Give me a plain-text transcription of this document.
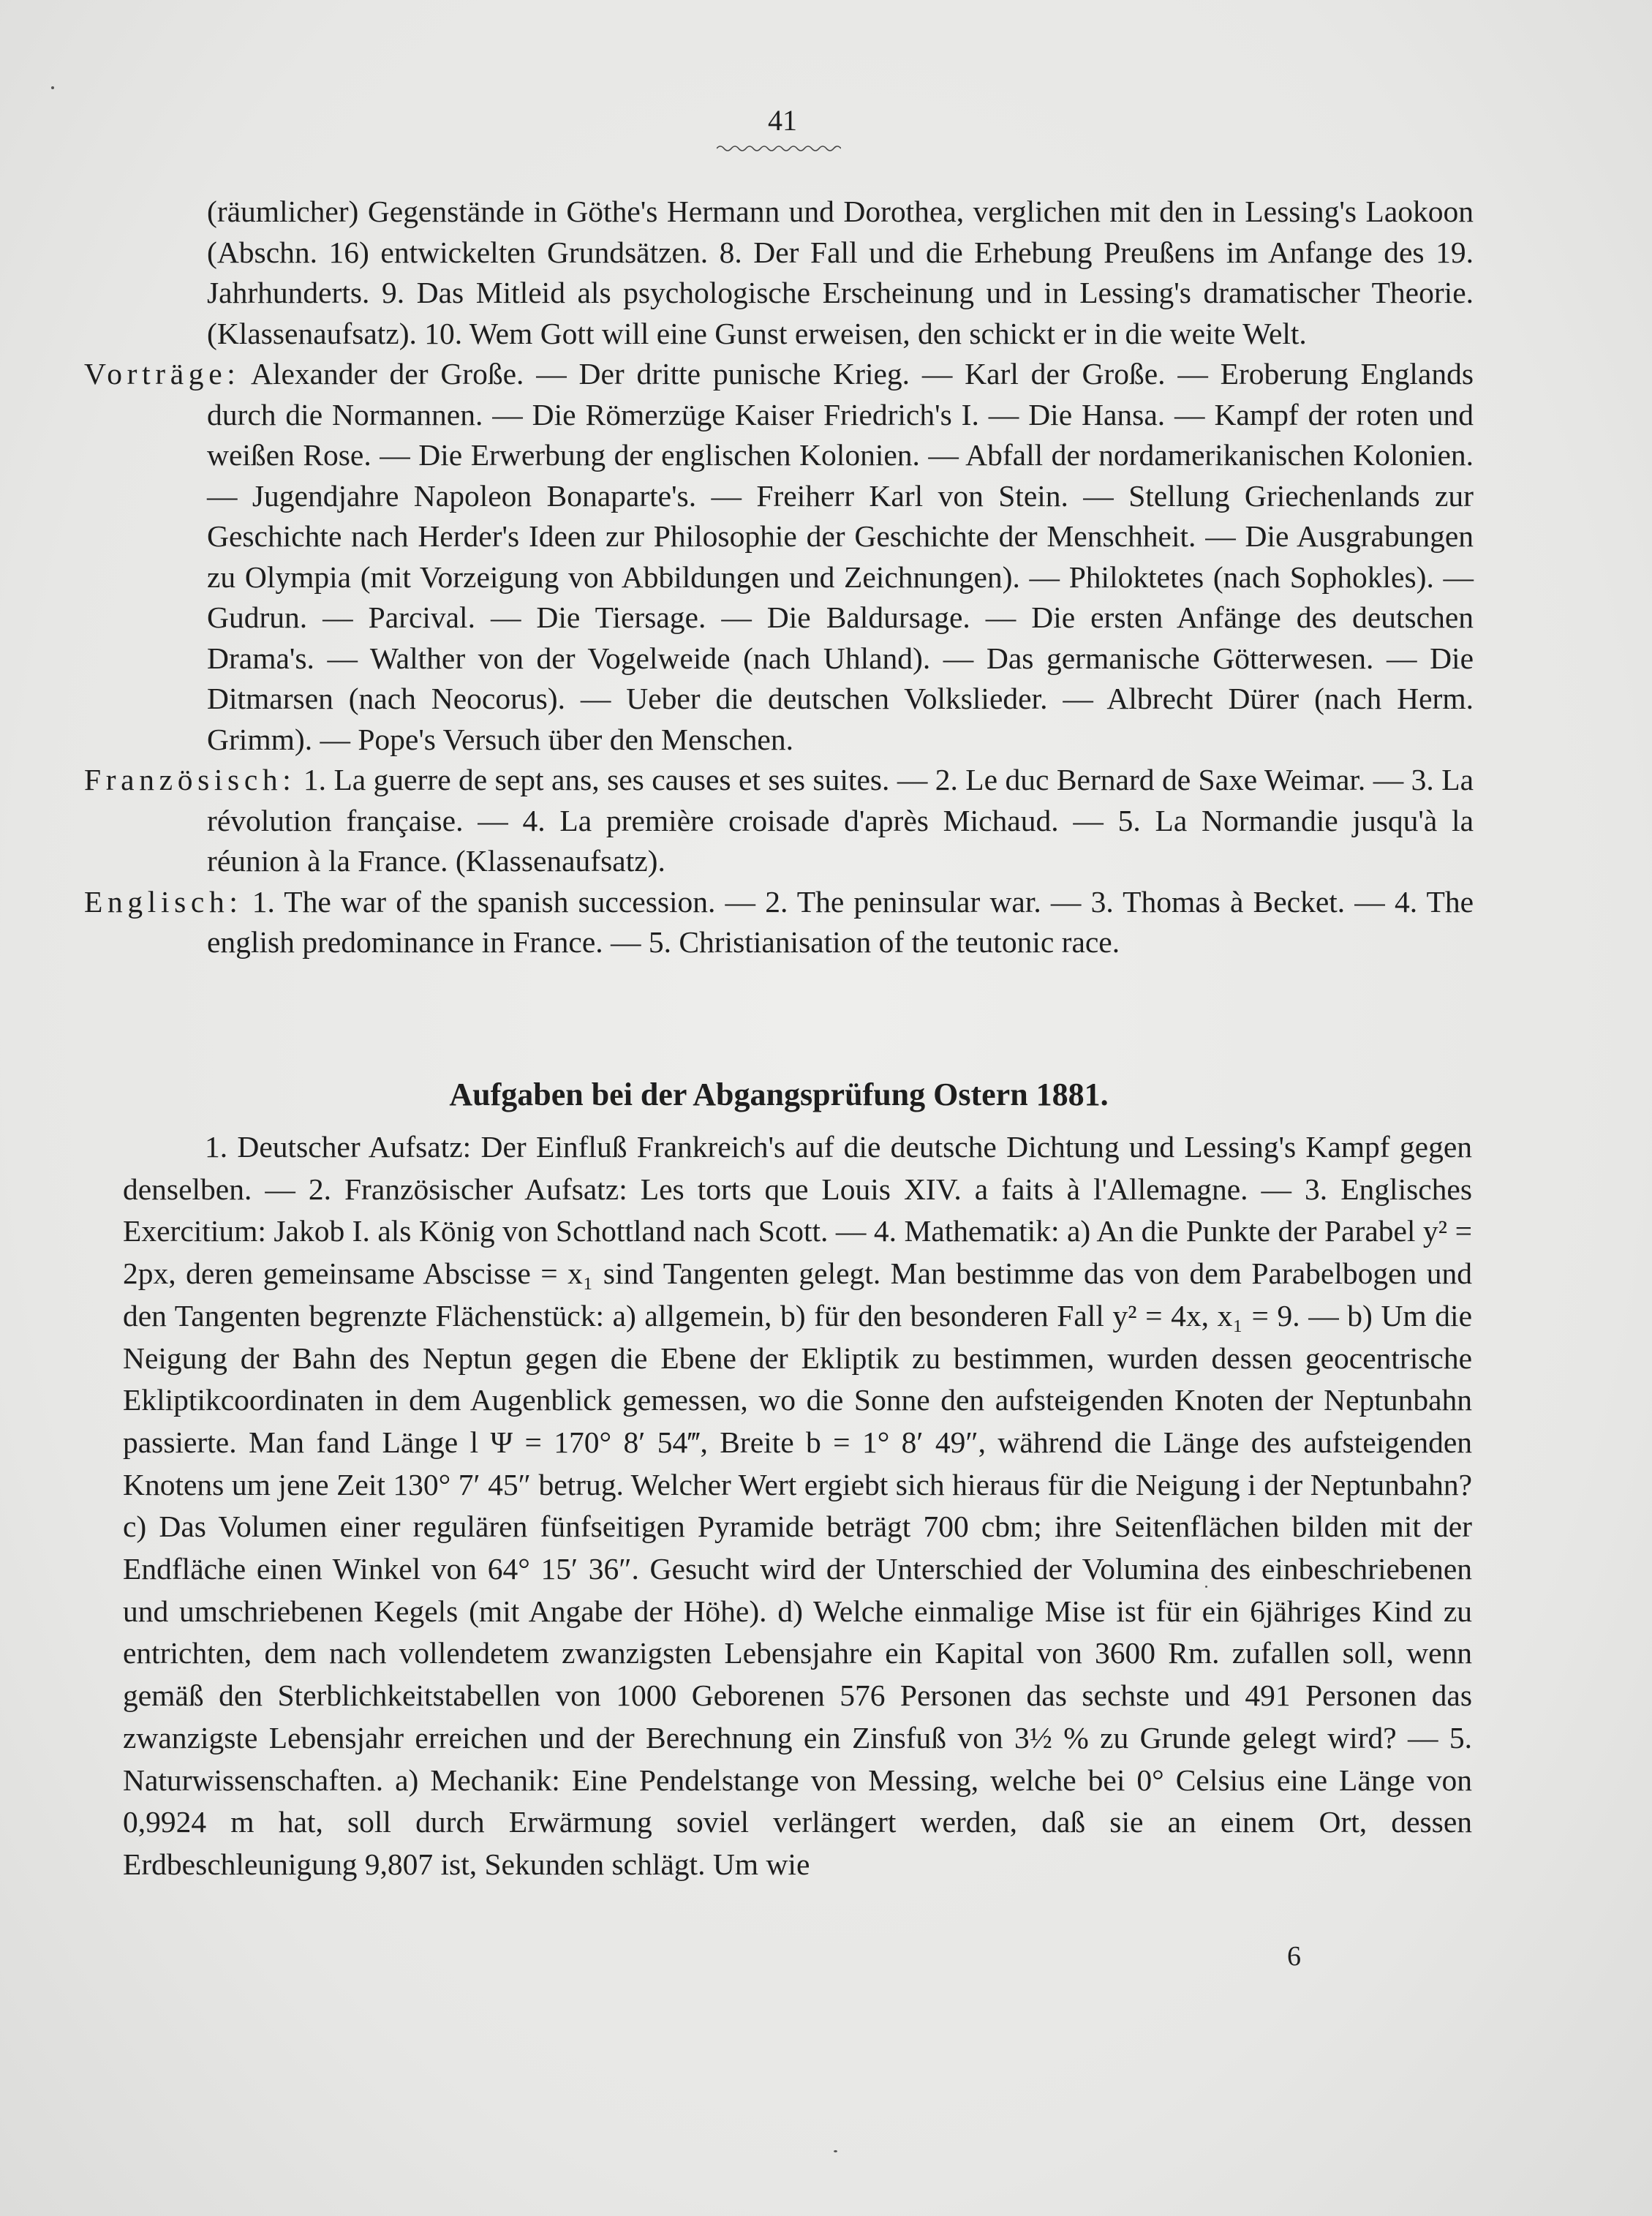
41

(räumlicher) Gegenstände in Göthe's Hermann und Dorothea, verglichen mit den in Lessing's Laokoon (Abschn. 16) entwickelten Grundsätzen. 8. Der Fall und die Erhebung Preußens im Anfange des 19. Jahrhunderts. 9. Das Mitleid als psychologische Erscheinung und in Lessing's dramatischer Theorie. (Klassenaufsatz). 10. Wem Gott will eine Gunst erweisen, den schickt er in die weite Welt.

Vorträge: Alexander der Große. — Der dritte punische Krieg. — Karl der Große. — Eroberung Englands durch die Normannen. — Die Römerzüge Kaiser Friedrich's I. — Die Hansa. — Kampf der roten und weißen Rose. — Die Erwerbung der englischen Kolonien. — Abfall der nordamerikanischen Kolonien. — Jugendjahre Napoleon Bonaparte's. — Freiherr Karl von Stein. — Stellung Griechenlands zur Geschichte nach Herder's Ideen zur Philosophie der Geschichte der Menschheit. — Die Ausgrabungen zu Olympia (mit Vorzeigung von Abbildungen und Zeichnungen). — Philoktetes (nach Sophokles). — Gudrun. — Parcival. — Die Tiersage. — Die Baldursage. — Die ersten Anfänge des deutschen Drama's. — Walther von der Vogelweide (nach Uhland). — Das germanische Götterwesen. — Die Ditmarsen (nach Neocorus). — Ueber die deutschen Volkslieder. — Albrecht Dürer (nach Herm. Grimm). — Pope's Versuch über den Menschen.

Französisch: 1. La guerre de sept ans, ses causes et ses suites. — 2. Le duc Bernard de Saxe Weimar. — 3. La révolution française. — 4. La première croisade d'après Michaud. — 5. La Normandie jusqu'à la réunion à la France. (Klassenaufsatz).

Englisch: 1. The war of the spanish succession. — 2. The peninsular war. — 3. Thomas à Becket. — 4. The english predominance in France. — 5. Christianisation of the teutonic race.

Aufgaben bei der Abgangsprüfung Ostern 1881.

1. Deutscher Aufsatz: Der Einfluß Frankreich's auf die deutsche Dichtung und Lessing's Kampf gegen denselben. — 2. Französischer Aufsatz: Les torts que Louis XIV. a faits à l'Allemagne. — 3. Englisches Exercitium: Jakob I. als König von Schottland nach Scott. — 4. Mathematik: a) An die Punkte der Parabel y² = 2px, deren gemeinsame Abscisse = x₁ sind Tangenten gelegt. Man bestimme das von dem Parabelbogen und den Tangenten begrenzte Flächenstück: a) allgemein, b) für den besonderen Fall y² = 4x, x₁ = 9. — b) Um die Neigung der Bahn des Neptun gegen die Ebene der Ekliptik zu bestimmen, wurden dessen geocentrische Ekliptikcoordinaten in dem Augenblick gemessen, wo die Sonne den aufsteigenden Knoten der Neptunbahn passierte. Man fand Länge l Ψ = 170° 8′ 54‴, Breite b = 1° 8′ 49″, während die Länge des aufsteigenden Knotens um jene Zeit 130° 7′ 45″ betrug. Welcher Wert ergiebt sich hieraus für die Neigung i der Neptunbahn? c) Das Volumen einer regulären fünfseitigen Pyramide beträgt 700 cbm; ihre Seitenflächen bilden mit der Endfläche einen Winkel von 64° 15′ 36″. Gesucht wird der Unterschied der Volumina des einbeschriebenen und umschriebenen Kegels (mit Angabe der Höhe). d) Welche einmalige Mise ist für ein 6jähriges Kind zu entrichten, dem nach vollendetem zwanzigsten Lebensjahre ein Kapital von 3600 Rm. zufallen soll, wenn gemäß den Sterblichkeitstabellen von 1000 Geborenen 576 Personen das sechste und 491 Personen das zwanzigste Lebensjahr erreichen und der Berechnung ein Zinsfuß von 3½ % zu Grunde gelegt wird? — 5. Naturwissenschaften. a) Mechanik: Eine Pendelstange von Messing, welche bei 0° Celsius eine Länge von 0,9924 m hat, soll durch Erwärmung soviel verlängert werden, daß sie an einem Ort, dessen Erdbeschleunigung 9,807 ist, Sekunden schlägt. Um wie

6
